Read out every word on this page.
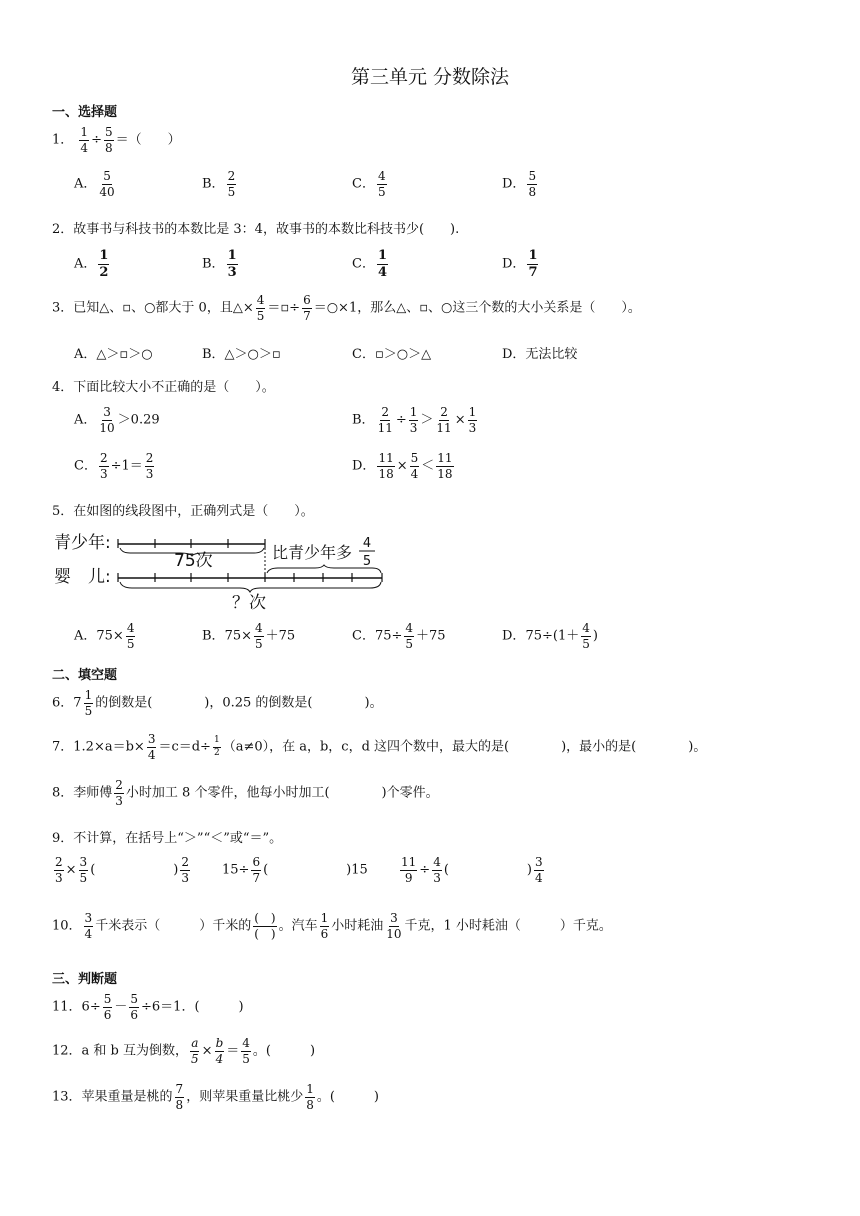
第三单元 分数除法
一、选择题
1． $\frac{1}{4} \div \frac{5}{8}$ ＝（　　）
A． $\frac{5}{40}$	B． $\frac{2}{5}$	C． $\frac{4}{5}$	D． $\frac{5}{8}$
2．故事书与科技书的本数比是 3：4，故事书的本数比科技书少(　　).
A． $\frac{1}{2}$	B． $\frac{1}{3}$	C． $\frac{1}{4}$	D． $\frac{1}{7}$
3．已知△、▫、○都大于 0，且△× $\frac{4}{5}$ ＝▫÷ $\frac{6}{7}$ ＝○×1，那么△、▫、○这三个数的大小关系是（　　）。
A．△＞▫＞○	B．△＞○＞▫	C．▫＞○＞△	D．无法比较
4．下面比较大小不正确的是（　　）。
A． $\frac{3}{10} >0.29$	B． $\frac{2}{11} \div \frac{1}{3} > \frac{2}{11} \times \frac{1}{3}$
C． $\frac{2}{3} \div 1= \frac{2}{3}$	D． $\frac{11}{18} \times \frac{5}{4} < \frac{11}{18}$
5．在如图的线段图中，正确列式是（　　）。
青少年:
婴　儿:
75次	比青少年多 4
5
？次
A．$75\times \frac{4}{5}$	B．$75\times \frac{4}{5} +75$	C．$75\div \frac{4}{5} +75$	D．$75\div(1+ \frac{4}{5}$ )
二、填空题
6．$7 \frac{1}{5}$ 的倒数是(　　　　)，0.25 的倒数是(　　　　)。
7．$1.2\times a=b\times \frac{3}{4} =c=d\div \frac{1}{2} (a\ne 0)$，在 a，b，c，d 这四个数中，最大的是(　　　　)，最小的是(　　　　)。
8．李师傅 $\frac{2}{3}$ 小时加工 8 个零件，他每小时加工(　　　　)个零件。
9．不计算，在括号上“＞”“＜”或“＝”。
$\frac{2}{3} \times \frac{3}{5}$ (　　　　　　) $\frac{2}{3} 15\div \frac{6}{7}$ (　　　　　　)15	$\frac{11}{9} \div \frac{4}{3}$ (　　　　　　) $\frac{3}{4}$
10． $\frac{3}{4}$ 千米表示（　　　）千米的 $\frac{( )}{( )}$ 。汽车 $\frac{1}{6}$ 小时耗油 $\frac{3}{10}$ 千克，1 小时耗油（　　　）千克。
三、判断题
11．$6\div \frac{5}{6} - \frac{5}{6} \div 6=1$．(　　　)
12．a 和 b 互为倒数， $\frac{a}{5} \times \frac{b}{4} = \frac{4}{5}$ 。(　　　)
13．苹果重量是桃的 $\frac{7}{8}$ ，则苹果重量比桃少 $\frac{1}{8}$ 。(　　　)
